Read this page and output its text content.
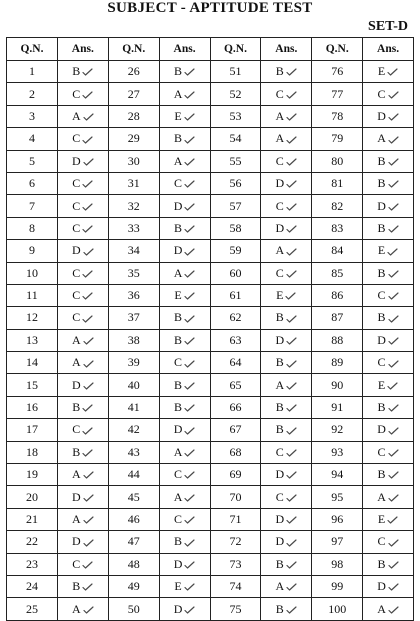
SUBJECT - APTITUDE TEST
SET-D
Q.N.	Ans.	Q.N.	Ans.	Q.N.	Ans.	Q.N.	Ans.
1	B	26	B	51	B	76	E

2	C	27	A	52	C	77	C

3	A	28	E	53	A	78	D

4	C	29	B	54	A	79	A

5	D	30	A	55	C	80	B

6	C	31	C	56	D	81	B

7	C	32	D	57	C	82	D

8	C	33	B	58	D	83	B

9	D	34	D	59	A	84	E

10	C	35	A	60	C	85	B

11	C	36	E	61	E	86	C

12	C	37	B	62	B	87	B

13	A	38	B	63	D	88	D

14	A	39	C	64	B	89	C

15	D	40	B	65	A	90	E

16	B	41	B	66	B	91	B

17	C	42	D	67	B	92	D

18	B	43	A	68	C	93	C

19	A	44	C	69	D	94	B

20	D	45	A	70	C	95	A

21	A	46	C	71	D	96	E

22	D	47	B	72	D	97	C

23	C	48	D	73	B	98	B

24	B	49	E	74	A	99	D

25	A	50	D	75	B	100	A
